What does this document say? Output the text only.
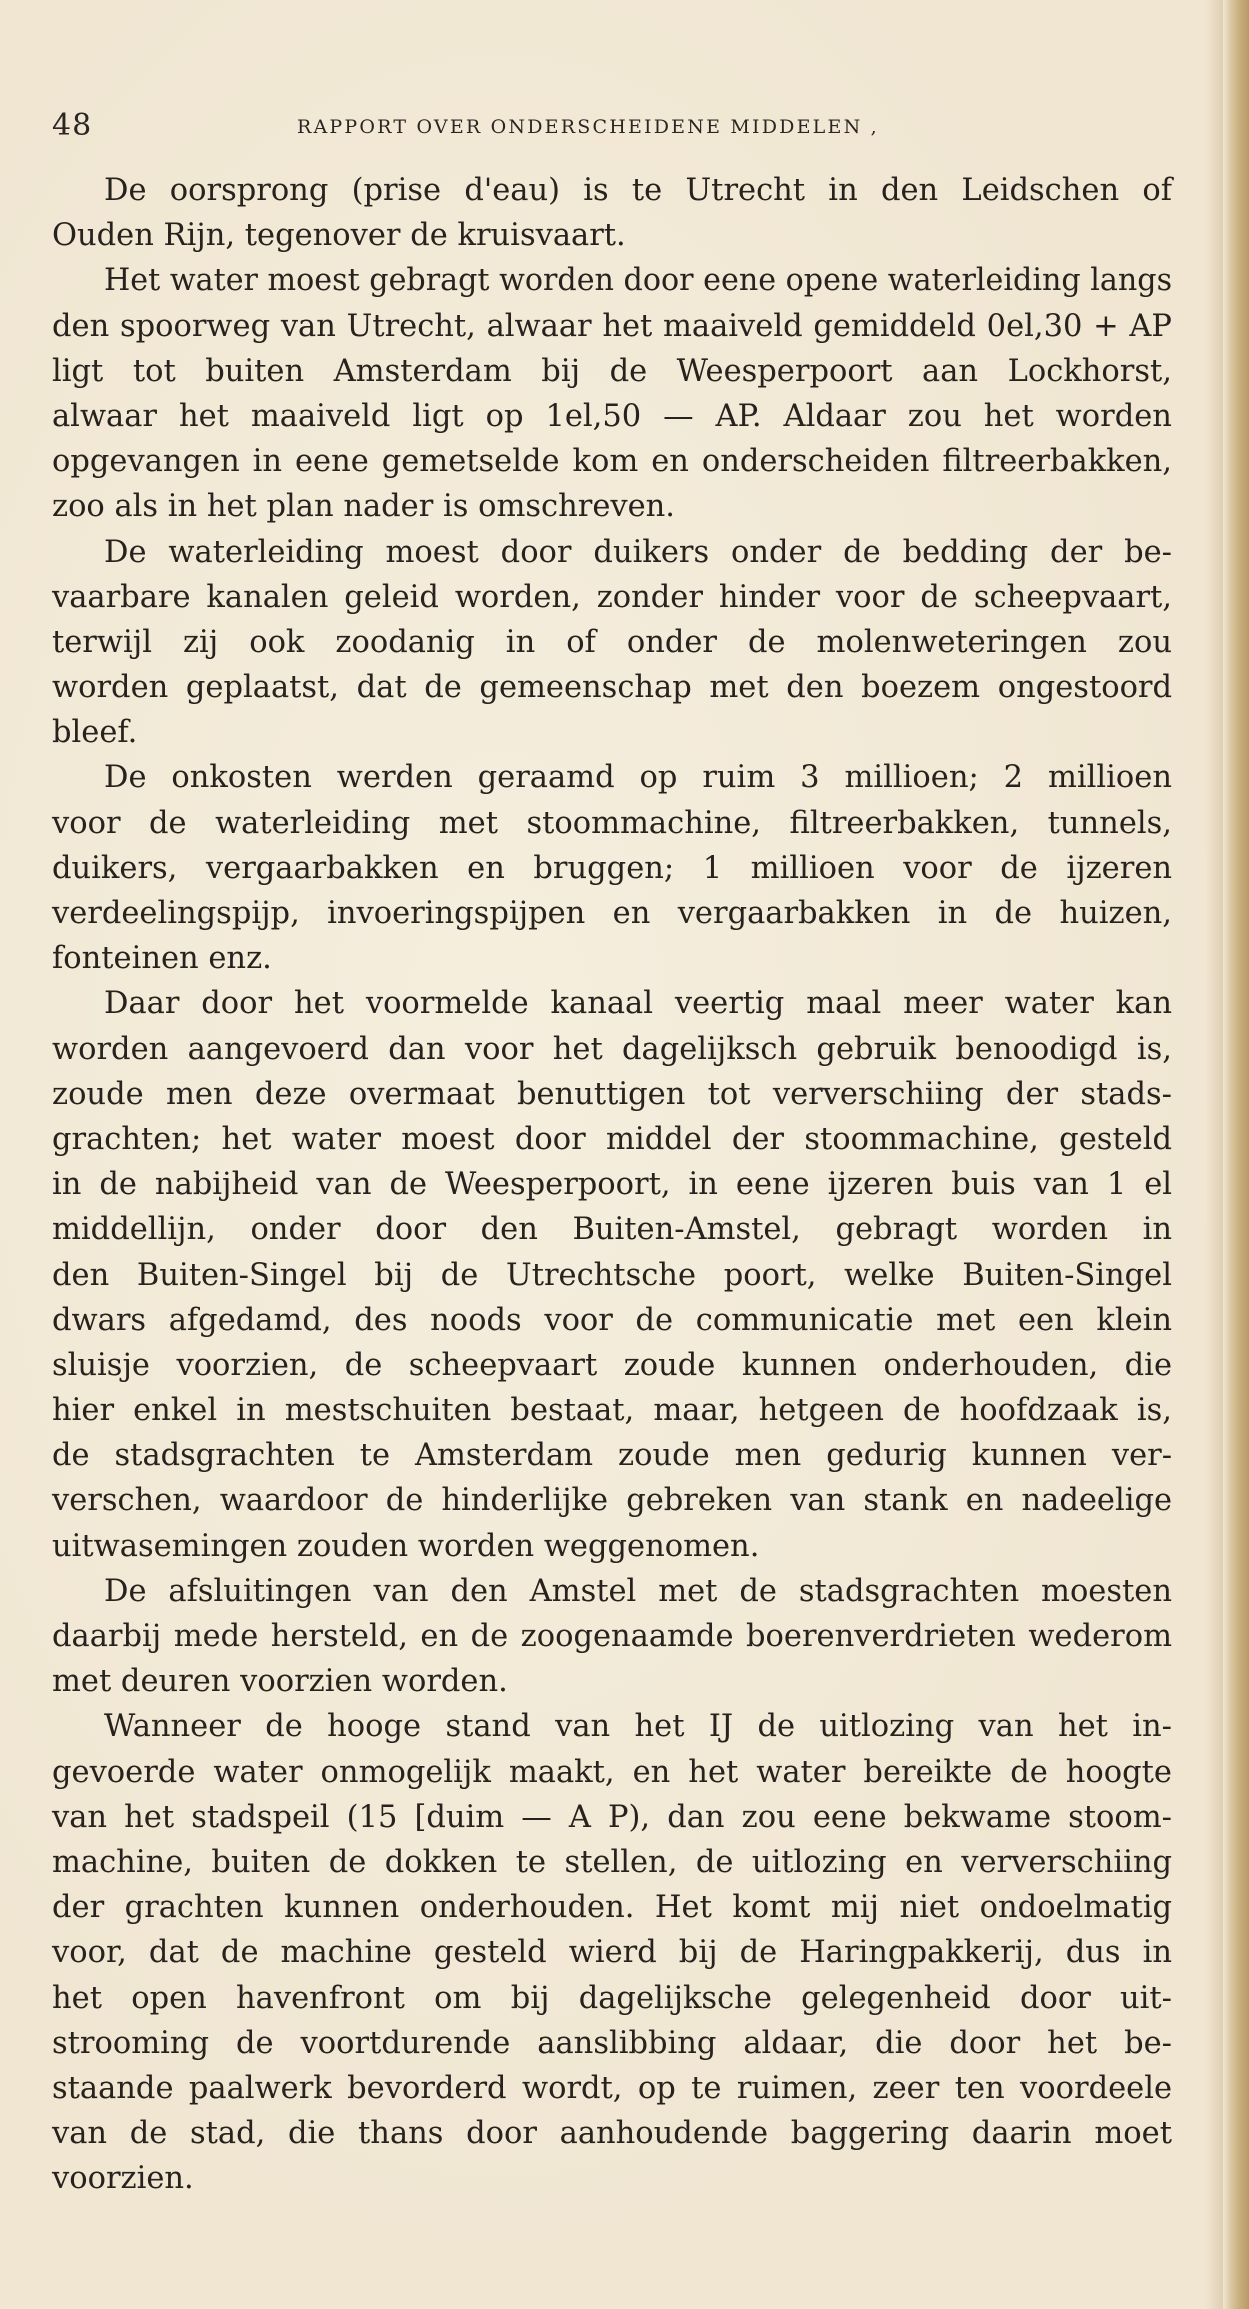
48	RAPPORT OVER ONDERSCHEIDENE MIDDELEN ,
De oorsprong (prise d'eau) is te Utrecht in den Leidschen of
Ouden Rijn, tegenover de kruisvaart.
Het water moest gebragt worden door eene opene waterleiding langs
den spoorweg van Utrecht, alwaar het maaiveld gemiddeld 0el,30 + AP
ligt tot buiten Amsterdam bij de Weesperpoort aan Lockhorst,
alwaar het maaiveld ligt op 1el,50 — AP. Aldaar zou het worden
opgevangen in eene gemetselde kom en onderscheiden filtreerbakken,
zoo als in het plan nader is omschreven.
De waterleiding moest door duikers onder de bedding der be-
vaarbare kanalen geleid worden, zonder hinder voor de scheepvaart,
terwijl zij ook zoodanig in of onder de molenweteringen zou
worden geplaatst, dat de gemeenschap met den boezem ongestoord
bleef.
De onkosten werden geraamd op ruim 3 millioen; 2 millioen
voor de waterleiding met stoommachine, filtreerbakken, tunnels,
duikers, vergaarbakken en bruggen; 1 millioen voor de ijzeren
verdeelingspijp, invoeringspijpen en vergaarbakken in de huizen,
fonteinen enz.
Daar door het voormelde kanaal veertig maal meer water kan
worden aangevoerd dan voor het dagelijksch gebruik benoodigd is,
zoude men deze overmaat benuttigen tot ververschiing der stads-
grachten; het water moest door middel der stoommachine, gesteld
in de nabijheid van de Weesperpoort, in eene ijzeren buis van 1 el
middellijn, onder door den Buiten-Amstel, gebragt worden in
den Buiten-Singel bij de Utrechtsche poort, welke Buiten-Singel
dwars afgedamd, des noods voor de communicatie met een klein
sluisje voorzien, de scheepvaart zoude kunnen onderhouden, die
hier enkel in mestschuiten bestaat, maar, hetgeen de hoofdzaak is,
de stadsgrachten te Amsterdam zoude men gedurig kunnen ver-
verschen, waardoor de hinderlijke gebreken van stank en nadeelige
uitwasemingen zouden worden weggenomen.
De afsluitingen van den Amstel met de stadsgrachten moesten
daarbij mede hersteld, en de zoogenaamde boerenverdrieten wederom
met deuren voorzien worden.
Wanneer de hooge stand van het IJ de uitlozing van het in-
gevoerde water onmogelijk maakt, en het water bereikte de hoogte
van het stadspeil (15 [duim — A P), dan zou eene bekwame stoom-
machine, buiten de dokken te stellen, de uitlozing en ververschiing
der grachten kunnen onderhouden. Het komt mij niet ondoelmatig
voor, dat de machine gesteld wierd bij de Haringpakkerij, dus in
het open havenfront om bij dagelijksche gelegenheid door uit-
strooming de voortdurende aanslibbing aldaar, die door het be-
staande paalwerk bevorderd wordt, op te ruimen, zeer ten voordeele
van de stad, die thans door aanhoudende baggering daarin moet
voorzien.
